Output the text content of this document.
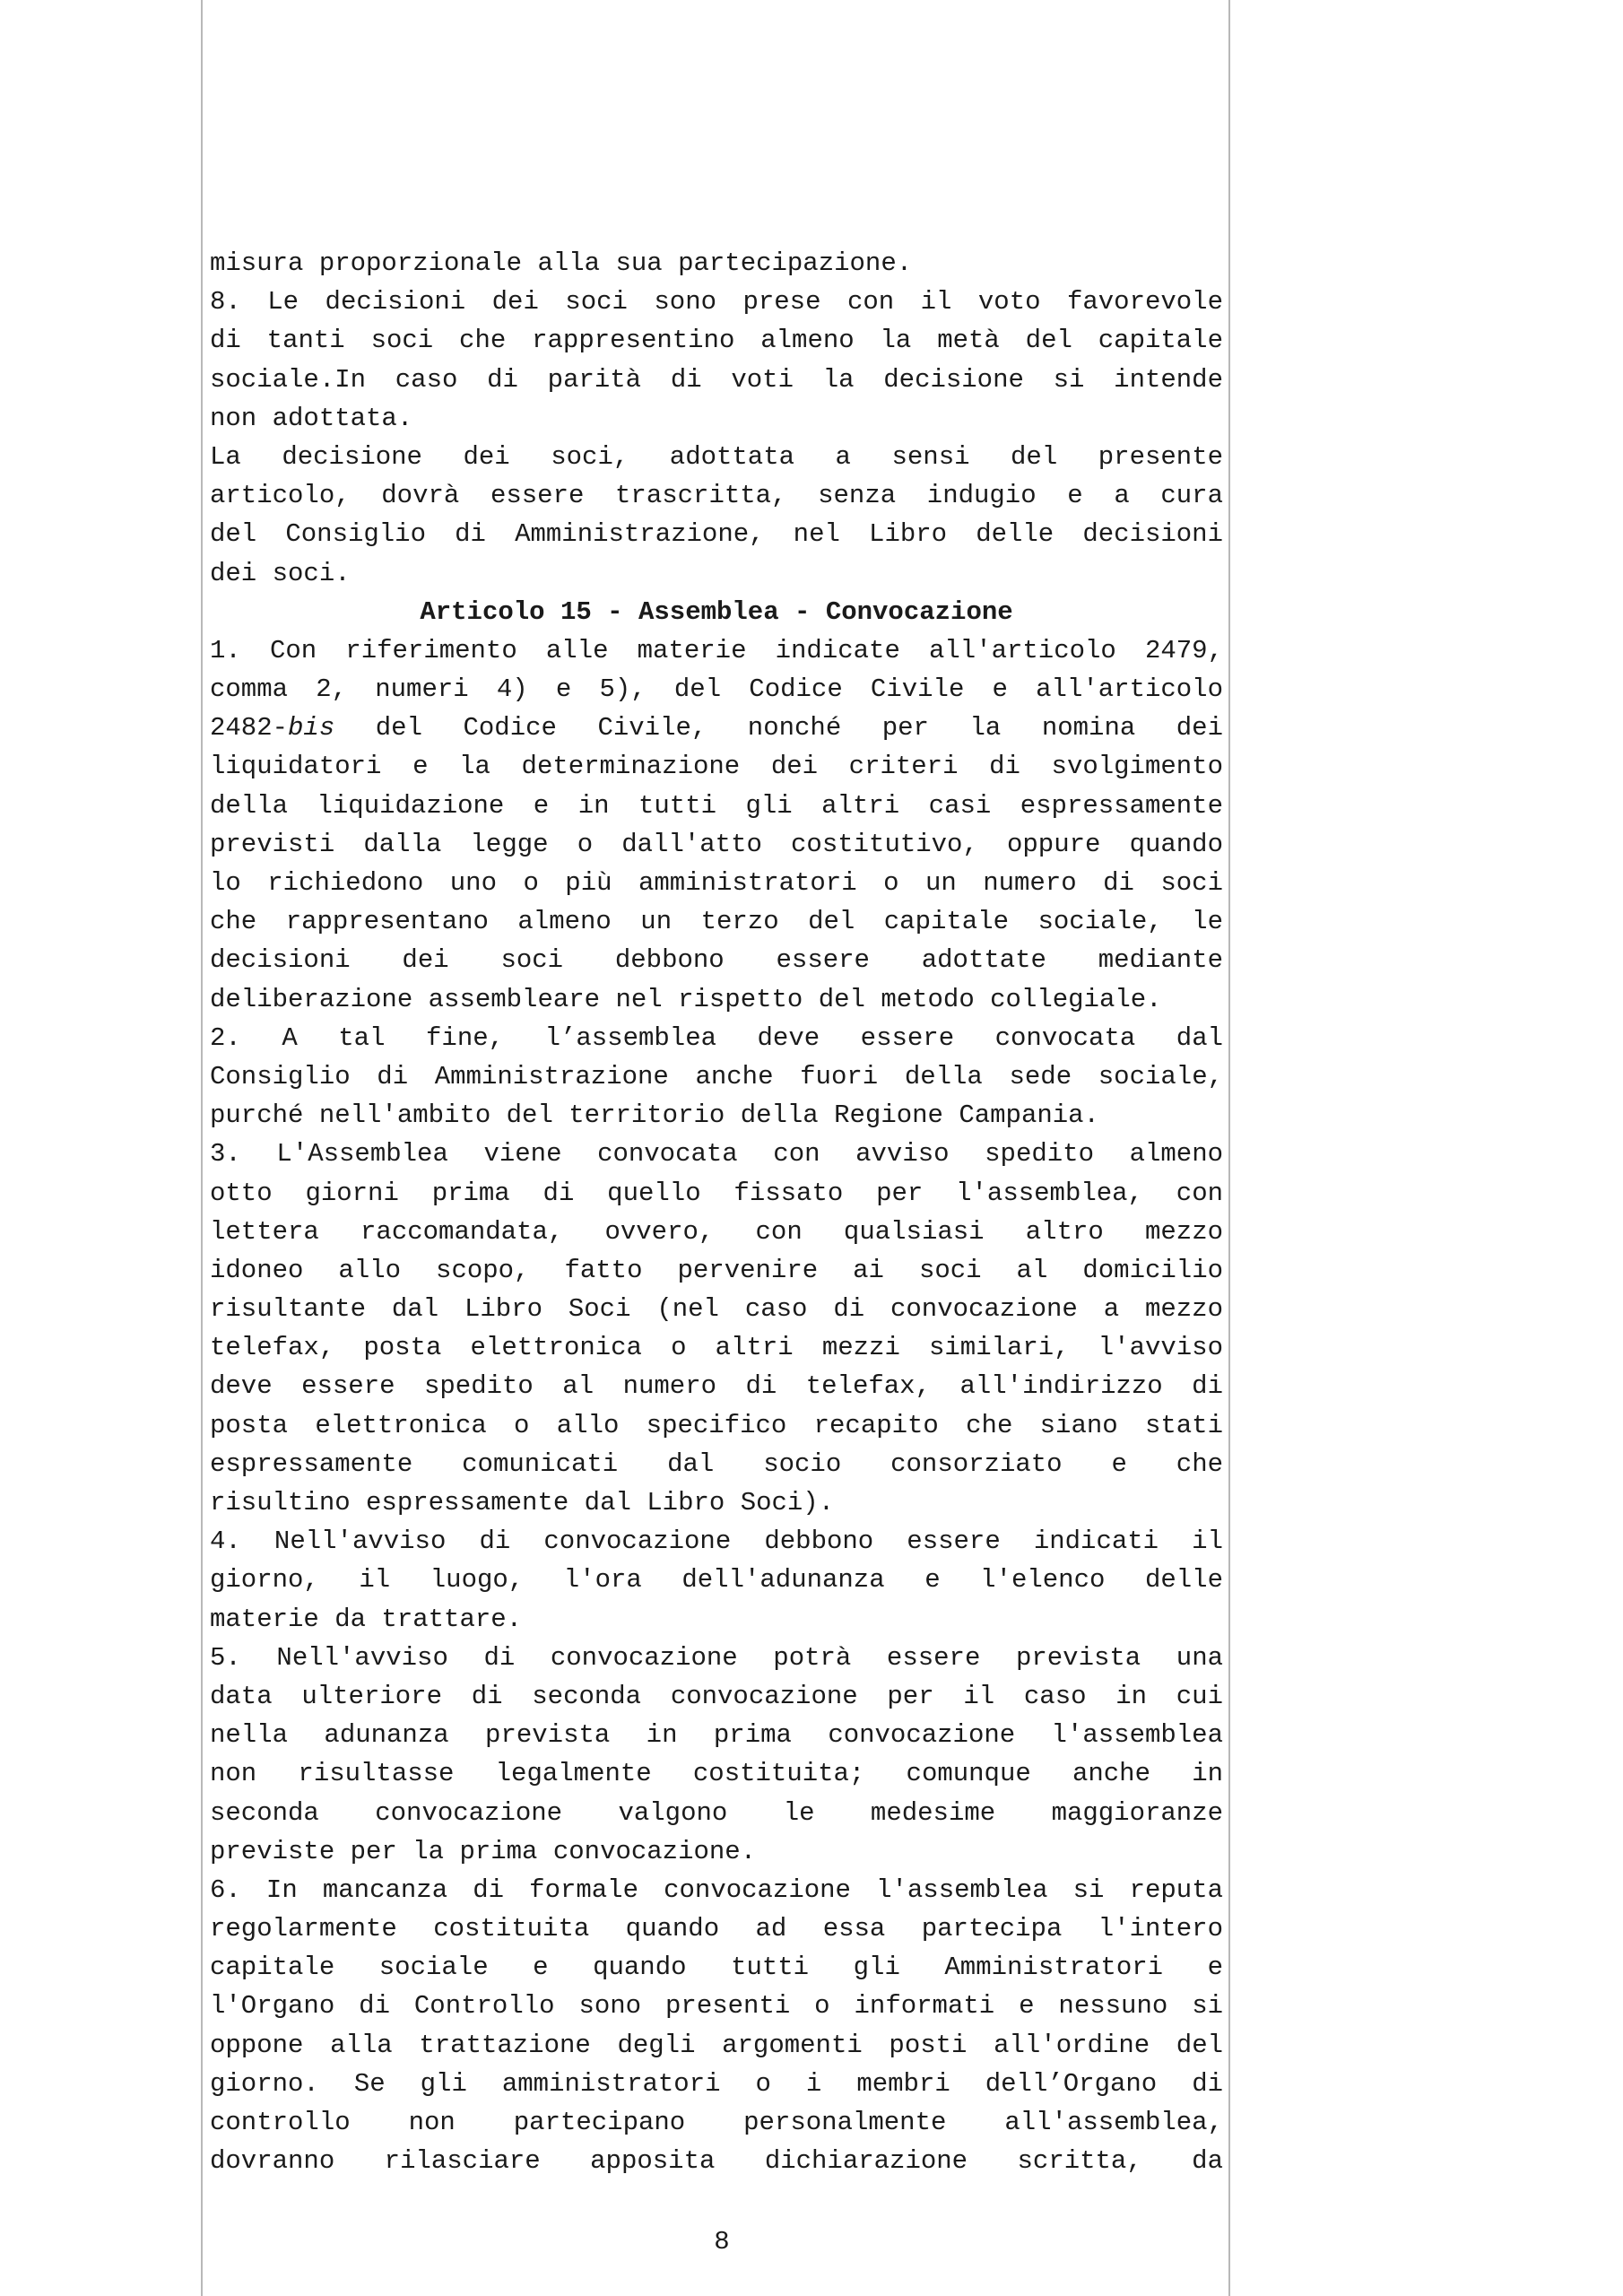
misura proporzionale alla sua partecipazione.
8. Le decisioni dei soci sono prese con il voto favorevole
di tanti soci che rappresentino almeno la metà del capitale
sociale.In caso di parità di voti la decisione si intende
non adottata.
La decisione dei soci, adottata a sensi del presente
articolo, dovrà essere trascritta, senza indugio e a cura
del Consiglio di Amministrazione, nel Libro delle decisioni
dei soci.
Articolo 15 - Assemblea - Convocazione
1. Con riferimento alle materie indicate all'articolo 2479,
comma 2, numeri 4) e 5), del Codice Civile e all'articolo
2482-bis del Codice Civile, nonché per la nomina dei
liquidatori e la determinazione dei criteri di svolgimento
della liquidazione e in tutti gli altri casi espressamente
previsti dalla legge o dall'atto costitutivo, oppure quando
lo richiedono uno o più amministratori o un numero di soci
che rappresentano almeno un terzo del capitale sociale, le
decisioni dei soci debbono essere adottate mediante
deliberazione assembleare nel rispetto del metodo collegiale.
2. A tal fine, l’assemblea deve essere convocata dal
Consiglio di Amministrazione anche fuori della sede sociale,
purché nell'ambito del territorio della Regione Campania.
3. L'Assemblea viene convocata con avviso spedito almeno
otto giorni prima di quello fissato per l'assemblea, con
lettera raccomandata, ovvero, con qualsiasi altro mezzo
idoneo allo scopo, fatto pervenire ai soci al domicilio
risultante dal Libro Soci (nel caso di convocazione a mezzo
telefax, posta elettronica o altri mezzi similari, l'avviso
deve essere spedito al numero di telefax, all'indirizzo di
posta elettronica o allo specifico recapito che siano stati
espressamente comunicati dal socio consorziato e che
risultino espressamente dal Libro Soci).
4. Nell'avviso di convocazione debbono essere indicati il
giorno, il luogo, l'ora dell'adunanza e l'elenco delle
materie da trattare.
5. Nell'avviso di convocazione potrà essere prevista una
data ulteriore di seconda convocazione per il caso in cui
nella adunanza prevista in prima convocazione l'assemblea
non risultasse legalmente costituita; comunque anche in
seconda convocazione valgono le medesime maggioranze
previste per la prima convocazione.
6. In mancanza di formale convocazione l'assemblea si reputa
regolarmente costituita quando ad essa partecipa l'intero
capitale sociale e quando tutti gli Amministratori e
l'Organo di Controllo sono presenti o informati e nessuno si
oppone alla trattazione degli argomenti posti all'ordine del
giorno. Se gli amministratori o i membri dell’Organo di
controllo non partecipano personalmente all'assemblea,
dovranno rilasciare apposita dichiarazione scritta, da
8
